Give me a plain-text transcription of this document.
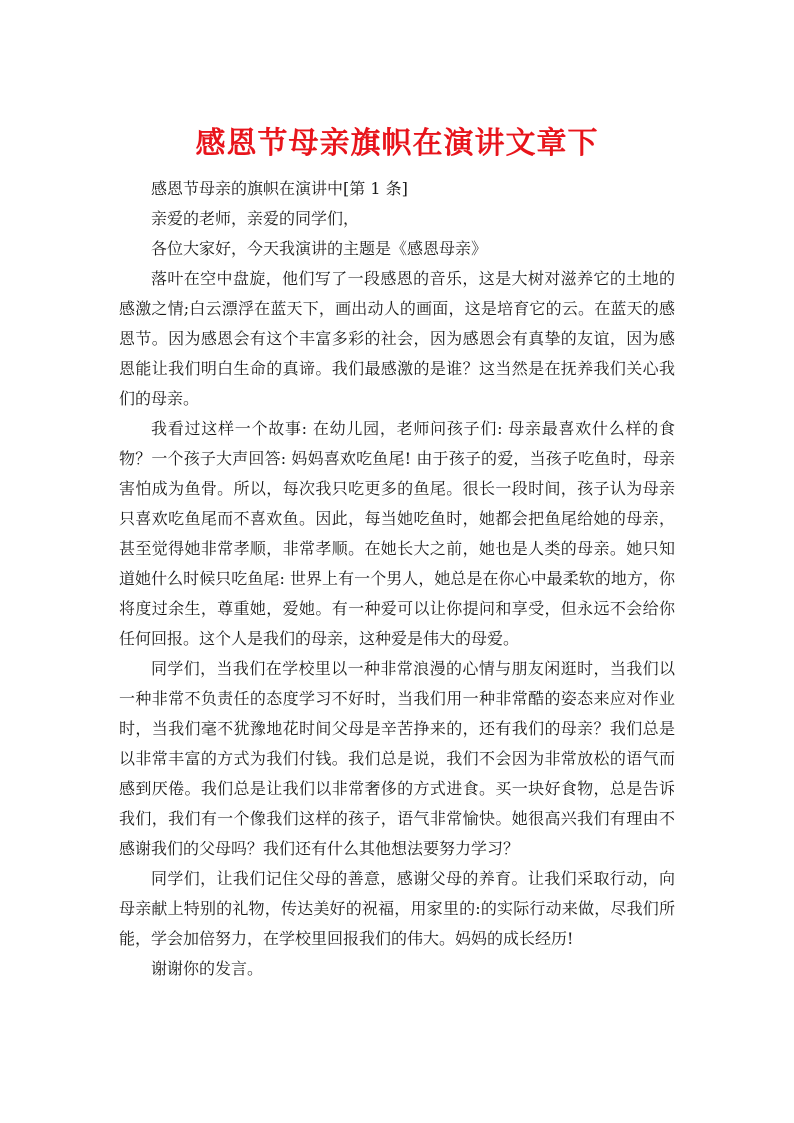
感恩节母亲旗帜在演讲文章下

感恩节母亲的旗帜在演讲中[第 1 条]

亲爱的老师，亲爱的同学们，

各位大家好，今天我演讲的主题是《感恩母亲》

落叶在空中盘旋，他们写了一段感恩的音乐，这是大树对滋养它的土地的感激之情;白云漂浮在蓝天下，画出动人的画面，这是培育它的云。在蓝天的感恩节。因为感恩会有这个丰富多彩的社会，因为感恩会有真挚的友谊，因为感恩能让我们明白生命的真谛。我们最感激的是谁？这当然是在抚养我们关心我们的母亲。

我看过这样一个故事: 在幼儿园，老师问孩子们: 母亲最喜欢什么样的食物？一个孩子大声回答: 妈妈喜欢吃鱼尾! 由于孩子的爱，当孩子吃鱼时，母亲害怕成为鱼骨。所以，每次我只吃更多的鱼尾。很长一段时间，孩子认为母亲只喜欢吃鱼尾而不喜欢鱼。因此，每当她吃鱼时，她都会把鱼尾给她的母亲，甚至觉得她非常孝顺，非常孝顺。在她长大之前，她也是人类的母亲。她只知道她什么时候只吃鱼尾: 世界上有一个男人，她总是在你心中最柔软的地方，你将度过余生，尊重她，爱她。有一种爱可以让你提问和享受，但永远不会给你任何回报。这个人是我们的母亲，这种爱是伟大的母爱。

同学们，当我们在学校里以一种非常浪漫的心情与朋友闲逛时，当我们以一种非常不负责任的态度学习不好时，当我们用一种非常酷的姿态来应对作业时，当我们毫不犹豫地花时间父母是辛苦挣来的，还有我们的母亲？我们总是以非常丰富的方式为我们付钱。我们总是说，我们不会因为非常放松的语气而感到厌倦。我们总是让我们以非常奢侈的方式进食。买一块好食物，总是告诉我们，我们有一个像我们这样的孩子，语气非常愉快。她很高兴我们有理由不感谢我们的父母吗？我们还有什么其他想法要努力学习？

同学们，让我们记住父母的善意，感谢父母的养育。让我们采取行动，向母亲献上特别的礼物，传达美好的祝福，用家里的:的实际行动来做，尽我们所能，学会加倍努力，在学校里回报我们的伟大。妈妈的成长经历!

谢谢你的发言。
